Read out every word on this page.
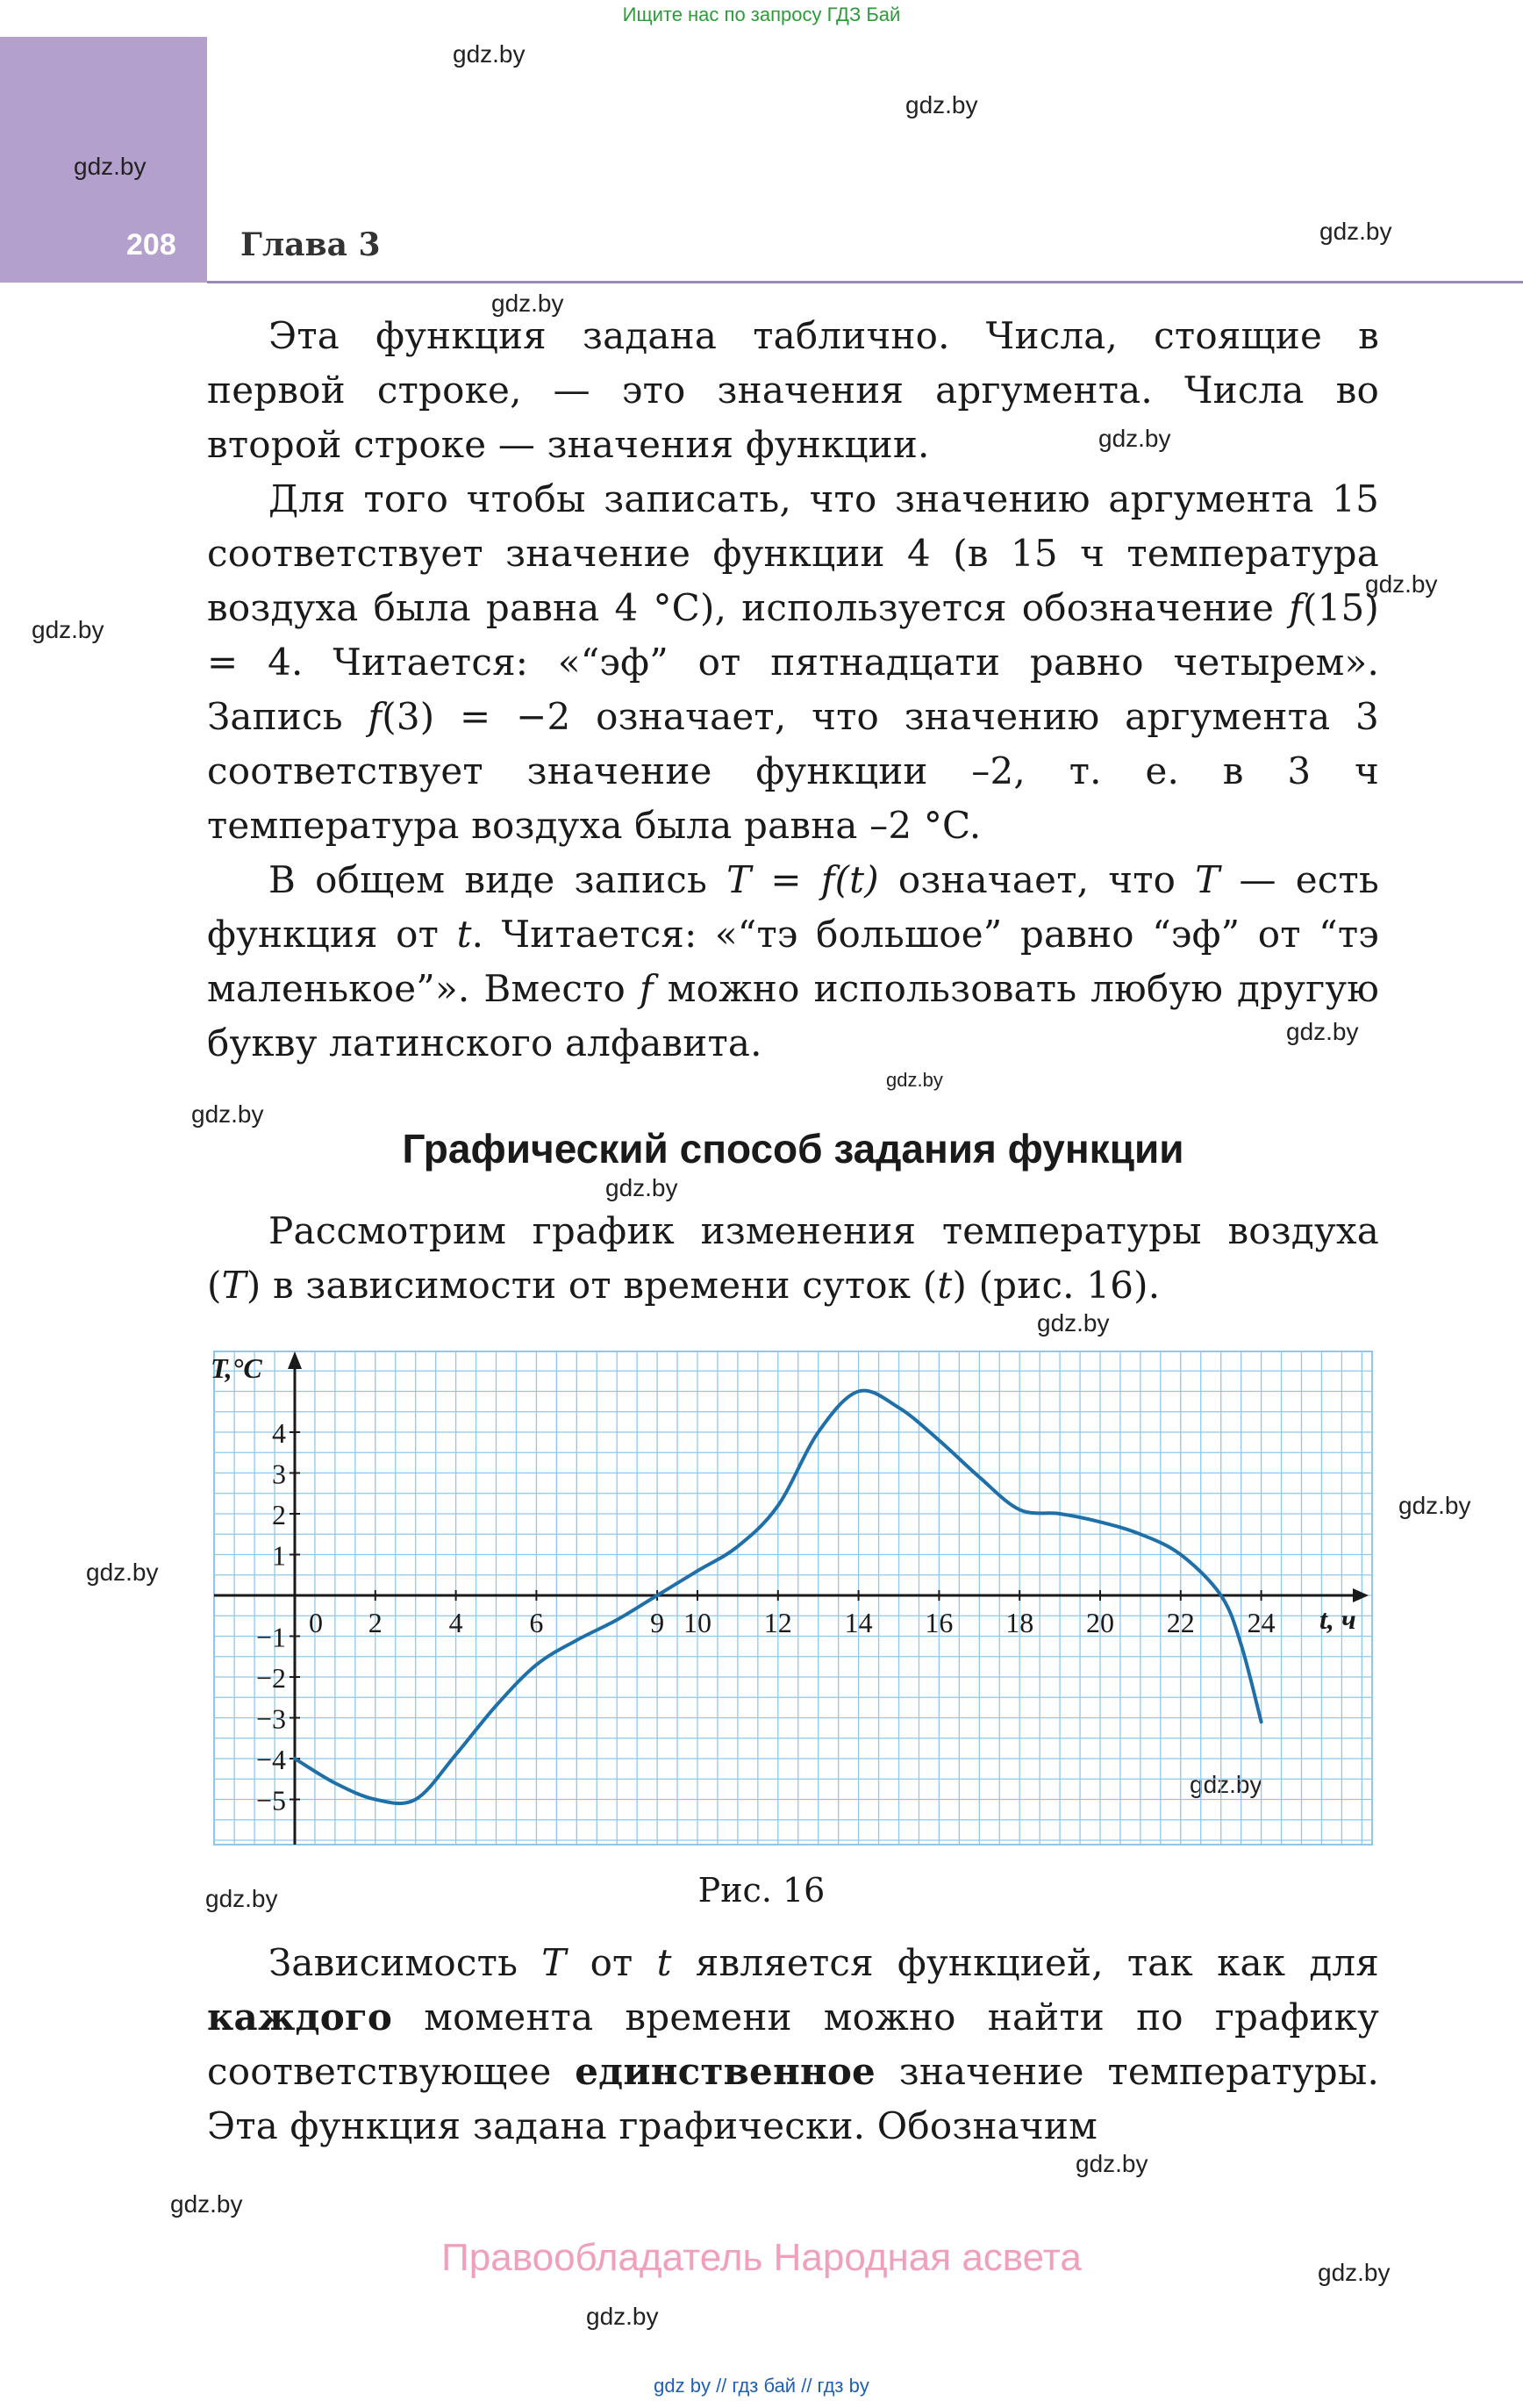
Ищите нас по запросу ГДЗ Бай
208 Глава 3
gdz.by
gdz.by
gdz.by
gdz.by
gdz.by
gdz.by
gdz.by
gdz.by
gdz.by
gdz.by
gdz.by
gdz.by
gdz.by
gdz.by
gdz.by
gdz.by
gdz.by
gdz.by
gdz.by
gdz.by
gdz.by

Эта функция задана таблично. Числа, стоящие в первой строке, — это значения аргумента. Числа во второй строке — значения функции.

Для того чтобы записать, что значению аргумента 15 соответствует значение функции 4 (в 15 ч температура воздуха была равна 4 °C), используется обозначение f(15) = 4. Читается: «“эф” от пятнадцати равно четырем». Запись f(3) = −2 означает, что значению аргумента 3 соответствует значение функции –2, т. е. в 3 ч температура воздуха была равна –2 °C.

В общем виде запись T = f(t) означает, что T — есть функция от t. Читается: «“тэ большое” равно “эф” от “тэ маленькое”». Вместо f можно использовать любую другую букву латинского алфавита.

Графический способ задания функции

Рассмотрим график изменения температуры воздуха (T) в зависимости от времени суток (t) (рис. 16).

0 2 4 6	9 10 12 14 16 18 20 22 24
−5
−4
−3
−2
−1
1
2
3
4
T,°C
t, ч
Рис. 16

Зависимость T от t является функцией, так как для каждого момента времени можно найти по графику соответствующее единственное значение температуры. Эта функция задана графически. Обозначим

Правообладатель Народная асвета
gdz by // гдз бай // гдз by
